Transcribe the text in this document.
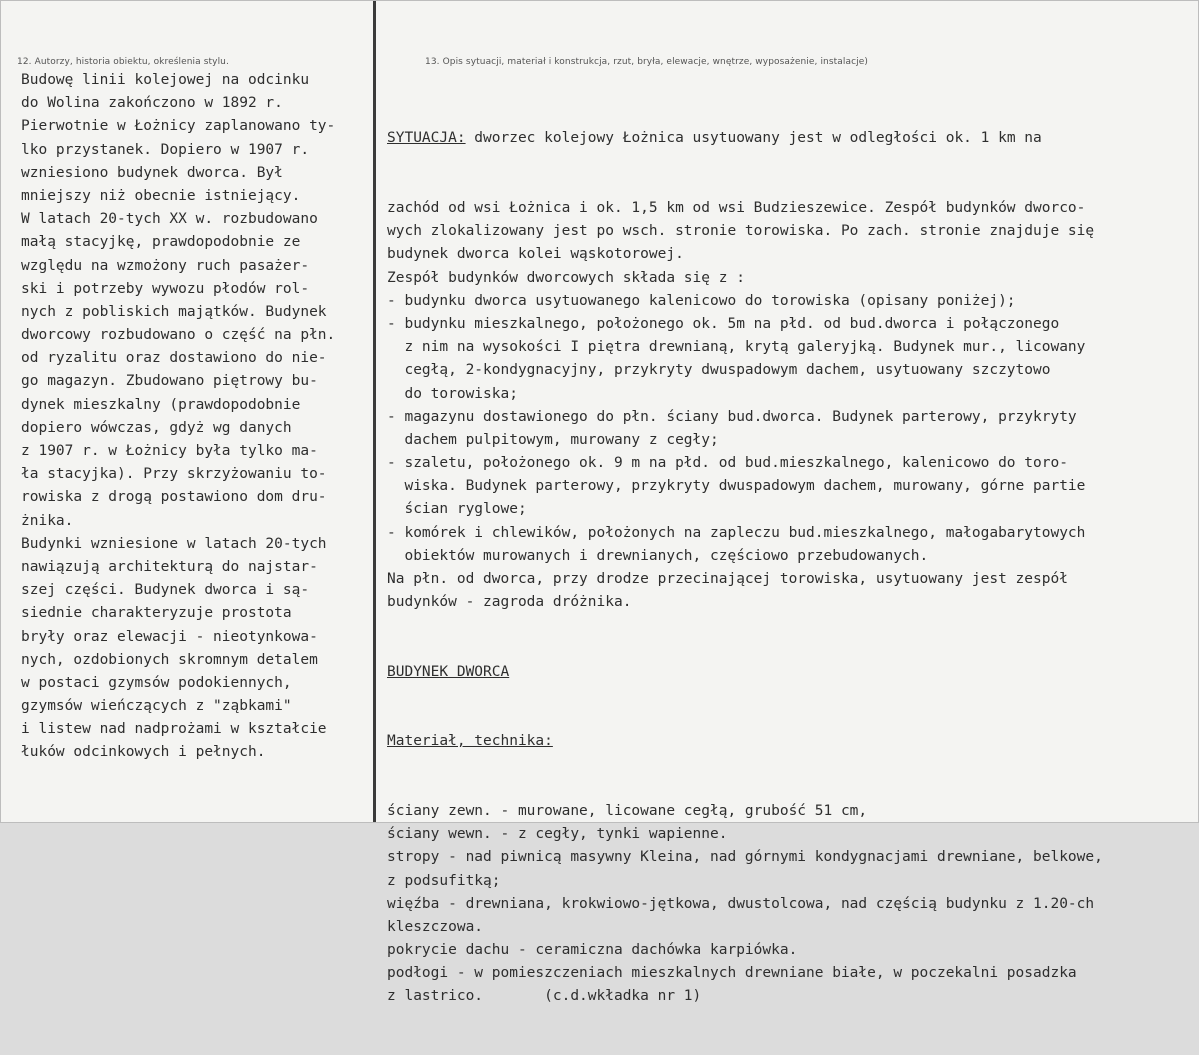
12. Autorzy, historia obiektu, określenia stylu.
Budowę linii kolejowej na odcinku
do Wolina zakończono w 1892 r.
Pierwotnie w Łożnicy zaplanowano ty-
lko przystanek. Dopiero w 1907 r.
wzniesiono budynek dworca. Był
mniejszy niż obecnie istniejący.
W latach 20-tych XX w. rozbudowano
małą stacyjkę, prawdopodobnie ze
względu na wzmożony ruch pasażer-
ski i potrzeby wywozu płodów rol-
nych z pobliskich majątków. Budynek
dworcowy rozbudowano o część na płn.
od ryzalitu oraz dostawiono do nie-
go magazyn. Zbudowano piętrowy bu-
dynek mieszkalny (prawdopodobnie
dopiero wówczas, gdyż wg danych
z 1907 r. w Łożnicy była tylko ma-
ła stacyjka). Przy skrzyżowaniu to-
rowiska z drogą postawiono dom dru-
żnika.
Budynki wzniesione w latach 20-tych
nawiązują architekturą do najstar-
szej części. Budynek dworca i są-
siednie charakteryzuje prostota
bryły oraz elewacji - nieotynkowa-
nych, ozdobionych skromnym detalem
w postaci gzymsów podokiennych,
gzymsów wieńczących z "ząbkami"
i listew nad nadprożami w kształcie
łuków odcinkowych i pełnych.
13. Opis sytuacji, materiał i konstrukcja, rzut, bryła, elewacje, wnętrze, wyposażenie, instalacje)

SYTUACJA: dworzec kolejowy Łożnica usytuowany jest w odległości ok. 1 km na

zachód od wsi Łożnica i ok. 1,5 km od wsi Budzieszewice. Zespół budynków dworco-
wych zlokalizowany jest po wsch. stronie torowiska. Po zach. stronie znajduje się
budynek dworca kolei wąskotorowej.
Zespół budynków dworcowych składa się z :
- budynku dworca usytuowanego kalenicowo do torowiska (opisany poniżej);
- budynku mieszkalnego, położonego ok. 5m na płd. od bud.dworca i połączonego
z nim na wysokości I piętra drewnianą, krytą galeryjką. Budynek mur., licowany
cegłą, 2-kondygnacyjny, przykryty dwuspadowym dachem, usytuowany szczytowo
do torowiska;
- magazynu dostawionego do płn. ściany bud.dworca. Budynek parterowy, przykryty
dachem pulpitowym, murowany z cegły;
- szaletu, położonego ok. 9 m na płd. od bud.mieszkalnego, kalenicowo do toro-
wiska. Budynek parterowy, przykryty dwuspadowym dachem, murowany, górne partie
ścian ryglowe;
- komórek i chlewików, położonych na zapleczu bud.mieszkalnego, małogabarytowych
obiektów murowanych i drewnianych, częściowo przebudowanych.
Na płn. od dworca, przy drodze przecinającej torowiska, usytuowany jest zespół
budynków - zagroda dróżnika.

BUDYNEK DWORCA

Materiał, technika:

ściany zewn. - murowane, licowane cegłą, grubość 51 cm,
ściany wewn. - z cegły, tynki wapienne.
stropy - nad piwnicą masywny Kleina, nad górnymi kondygnacjami drewniane, belkowe,
z podsufitką;
więźba - drewniana, krokwiowo-jętkowa, dwustolcowa, nad częścią budynku z 1.20-ch
kleszczowa.
pokrycie dachu - ceramiczna dachówka karpiówka.
podłogi - w pomieszczeniach mieszkalnych drewniane białe, w poczekalni posadzka
z lastrico.       (c.d.wkładka nr 1)
